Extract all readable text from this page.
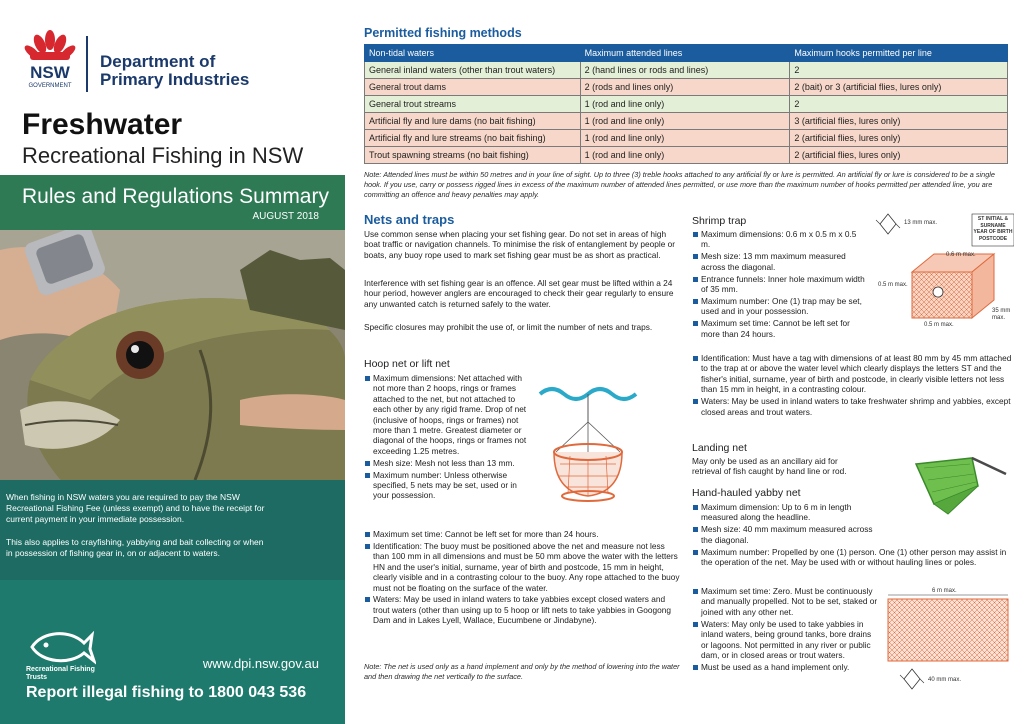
NSW
GOVERNMENT
Department of
Primary Industries
Freshwater
Recreational Fishing in NSW
Rules and Regulations Summary
AUGUST 2018
When fishing in NSW waters you are required to pay the NSW Recreational Fishing Fee (unless exempt) and to have the receipt for current payment in your immediate possession.
This also applies to crayfishing, yabbying and bait collecting or when in possession of fishing gear in, on or adjacent to waters.
Recreational Fishing Trusts
www.dpi.nsw.gov.au
Report illegal fishing to 1800 043 536
Permitted fishing methods
Non-tidal waters	Maximum attended lines	Maximum hooks permitted per line
General inland waters (other than trout waters)	2 (hand lines or rods and lines)	2
General trout dams	2 (rods and lines only)	2 (bait) or 3 (artificial flies, lures only)
General trout streams	1 (rod and line only)	2
Artificial fly and lure dams (no bait fishing)	1 (rod and line only)	3 (artificial flies, lures only)
Artificial fly and lure streams (no bait fishing)	1 (rod and line only)	2 (artificial flies, lures only)
Trout spawning streams (no bait fishing)	1 (rod and line only)	2 (artificial flies, lures only)
Note: Attended lines must be within 50 metres and in your line of sight. Up to three (3) treble hooks attached to any artificial fly or lure is permitted. An artificial fly or lure is considered to be a single hook. If you use, carry or possess rigged lines in excess of the maximum number of attended lines permitted, or use more than the maximum number of hooks permitted per attended line, you are committing an offence and heavy penalties may apply.
Nets and traps
Use common sense when placing your set fishing gear. Do not set in areas of high boat traffic or navigation channels. To minimise the risk of entanglement by people or boats, any buoy rope used to mark set fishing gear must be as short as practical.
Interference with set fishing gear is an offence. All set gear must be lifted within a 24 hour period, however anglers are encouraged to check their gear regularly to ensure any unwanted catch is returned safely to the water.
Specific closures may prohibit the use of, or limit the number of nets and traps.
Hoop net or lift net
Maximum dimensions: Net attached with not more than 2 hoops, rings or frames attached to the net, but not attached to each other by any rigid frame. Drop of net (inclusive of hoops, rings or frames) not more than 1 metre. Greatest diameter or diagonal of the hoops, rings or frames not exceeding 1.25 metres.
Mesh size: Mesh not less than 13 mm.
Maximum number: Unless otherwise specified, 5 nets may be set, used or in your possession.
Maximum set time: Cannot be left set for more than 24 hours.
Identification: The buoy must be positioned above the net and measure not less than 100 mm in all dimensions and must be 50 mm above the water with the letters HN and the user's initial, surname, year of birth and postcode, 15 mm in height, clearly visible and in a contrasting colour to the buoy. Any rope attached to the buoy must not be floating on the surface of the water.
Waters: May be used in inland waters to take yabbies except closed waters and trout waters (other than using up to 5 hoop or lift nets to take yabbies in Googong Dam and in Lakes Lyell, Wallace, Eucumbene or Jindabyne).
Note: The net is used only as a hand implement and only by the method of lowering into the water and then drawing the net vertically to the surface.
Shrimp trap
Maximum dimensions: 0.6 m x 0.5 m x 0.5 m.
Mesh size: 13 mm maximum measured across the diagonal.
Entrance funnels: Inner hole maximum width of 35 mm.
Maximum number: One (1) trap may be set, used and in your possession.
Maximum set time: Cannot be left set for more than 24 hours.
Identification: Must have a tag with dimensions of at least 80 mm by 45 mm attached to the trap at or above the water level which clearly displays the letters ST and the fisher's initial, surname, year of birth and postcode, in clearly visible letters not less than 15 mm in height, in a contrasting colour.
Waters: May be used in inland waters to take freshwater shrimp and yabbies, except closed areas and trout waters.
ST INITIAL & SURNAME YEAR OF BIRTH POSTCODE
13 mm max.
0.6 m max.
0.5 m max.
0.5 m max.
35 mm max.
Landing net
May only be used as an ancillary aid for retrieval of fish caught by hand line or rod.
Hand-hauled yabby net
Maximum dimension: Up to 6 m in length measured along the headline.
Mesh size: 40 mm maximum measured across the diagonal.
Maximum number: Propelled by one (1) person. One (1) other person may assist in the operation of the net. May be used with or without hauling lines or poles.
Maximum set time: Zero. Must be continuously and manually propelled. Not to be set, staked or joined with any other net.
Waters: May only be used to take yabbies in inland waters, being ground tanks, bore drains or lagoons. Not permitted in any river or public dam, or in closed areas or trout waters.
Must be used as a hand implement only.
6 m max.
40 mm max.
